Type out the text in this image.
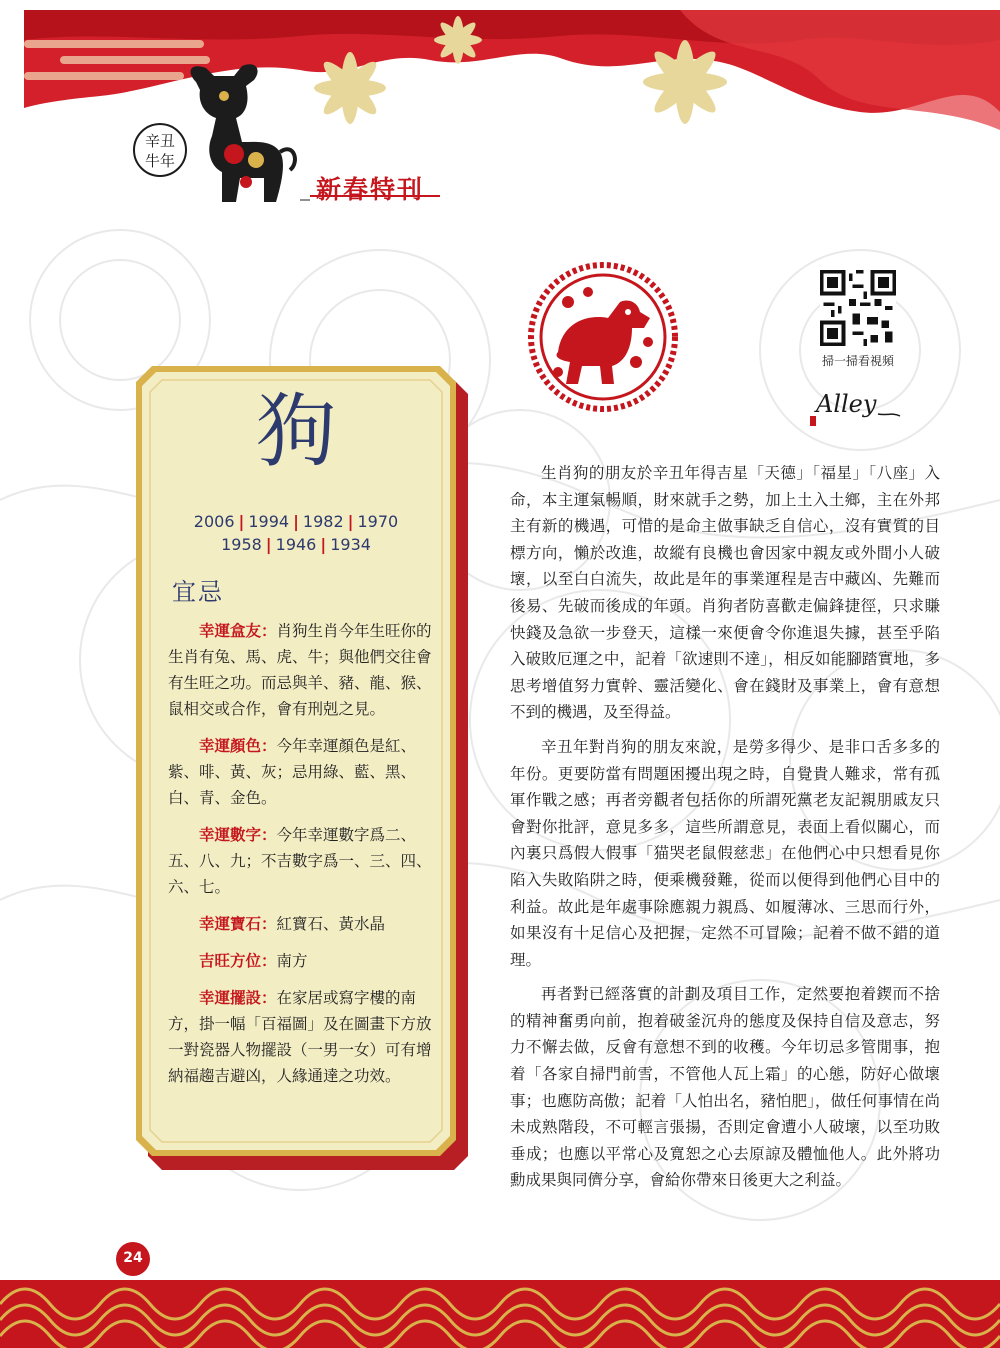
辛丑
牛年
新春特刊
掃一掃看視頻
Alley
狗
2006 | 1994 | 1982 | 1970
1958 | 1946 | 1934
宜忌

幸運盒友：肖狗生肖今年生旺你的生肖有兔、馬、虎、牛；與他們交往會有生旺之功。而忌與羊、豬、龍、猴、鼠相交或合作，會有刑剋之見。

幸運顏色：今年幸運顏色是紅、紫、啡、黃、灰；忌用綠、藍、黑、白、青、金色。

幸運數字：今年幸運數字爲二、五、八、九；不吉數字爲一、三、四、六、七。

幸運寶石：紅寶石、黃水晶

吉旺方位：南方

幸運擺設：在家居或寫字樓的南方，掛一幅「百福圖」及在圖畫下方放一對瓷器人物擺設（一男一女）可有增納福趨吉避凶，人緣通達之功效。

生肖狗的朋友於辛丑年得吉星「天德」「福星」「八座」入命，本主運氣暢順，財來就手之勢，加上土入土鄉，主在外邦主有新的機遇，可惜的是命主做事缺乏自信心，沒有實質的目標方向，懶於改進，故縱有良機也會因家中親友或外間小人破壞，以至白白流失，故此是年的事業運程是吉中藏凶、先難而後易、先破而後成的年頭。肖狗者防喜歡走偏鋒捷徑，只求賺快錢及急欲一步登天，這樣一來便會令你進退失據，甚至乎陷入破敗厄運之中，記着「欲速則不達」，相反如能腳踏實地，多思考增值努力實幹、靈活變化、會在錢財及事業上，會有意想不到的機遇，及至得益。

辛丑年對肖狗的朋友來說，是勞多得少、是非口舌多多的年份。更要防當有問題困擾出現之時，自覺貴人難求，常有孤軍作戰之感；再者旁觀者包括你的所謂死黨老友記親朋戚友只會對你批評，意見多多，這些所謂意見，表面上看似關心，而內裏只爲假人假事「猫哭老鼠假慈悲」在他們心中只想看見你陷入失敗陷阱之時，便乘機發難，從而以便得到他們心目中的利益。故此是年處事除應親力親爲、如履薄冰、三思而行外，如果沒有十足信心及把握，定然不可冒險；記着不做不錯的道理。

再者對已經落實的計劃及項目工作，定然要抱着鍥而不捨的精神奮勇向前，抱着破釜沉舟的態度及保持自信及意志，努力不懈去做，反會有意想不到的收穫。今年切忌多管閒事，抱着「各家自掃門前雪，不管他人瓦上霜」的心態，防好心做壞事；也應防高傲；記着「人怕出名，豬怕肥」，做任何事情在尚未成熟階段，不可輕言張揚，否則定會遭小人破壞，以至功敗垂成；也應以平常心及寬恕之心去原諒及體恤他人。此外將功勳成果與同儕分享，會給你帶來日後更大之利益。

24
